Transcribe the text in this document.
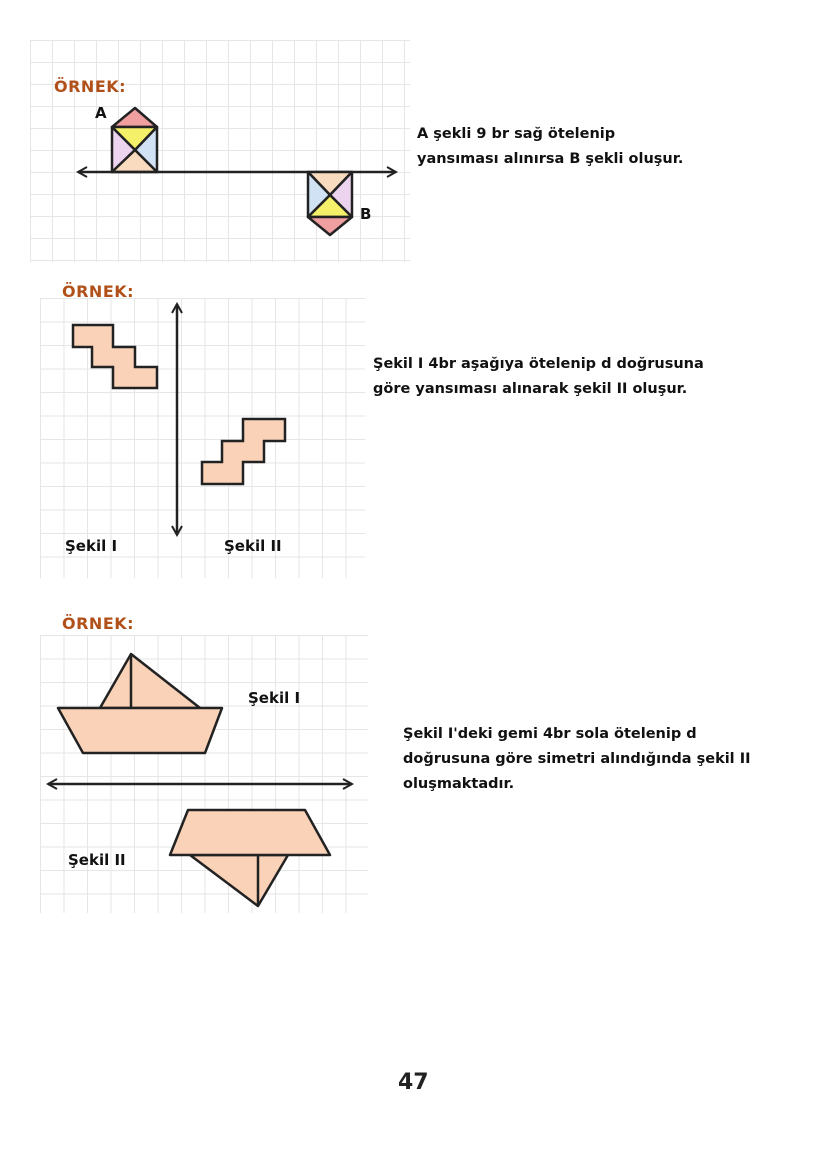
ÖRNEK:
A
B
A şekli 9 br sağ ötelenip
yansıması alınırsa B şekli oluşur.
ÖRNEK:
Şekil I	Şekil II
Şekil I 4br aşağıya ötelenip d doğrusuna
göre yansıması alınarak şekil II oluşur.
ÖRNEK:
Şekil I
Şekil II
Şekil I'deki gemi 4br sola ötelenip d
doğrusuna göre simetri alındığında şekil II
oluşmaktadır.
47
